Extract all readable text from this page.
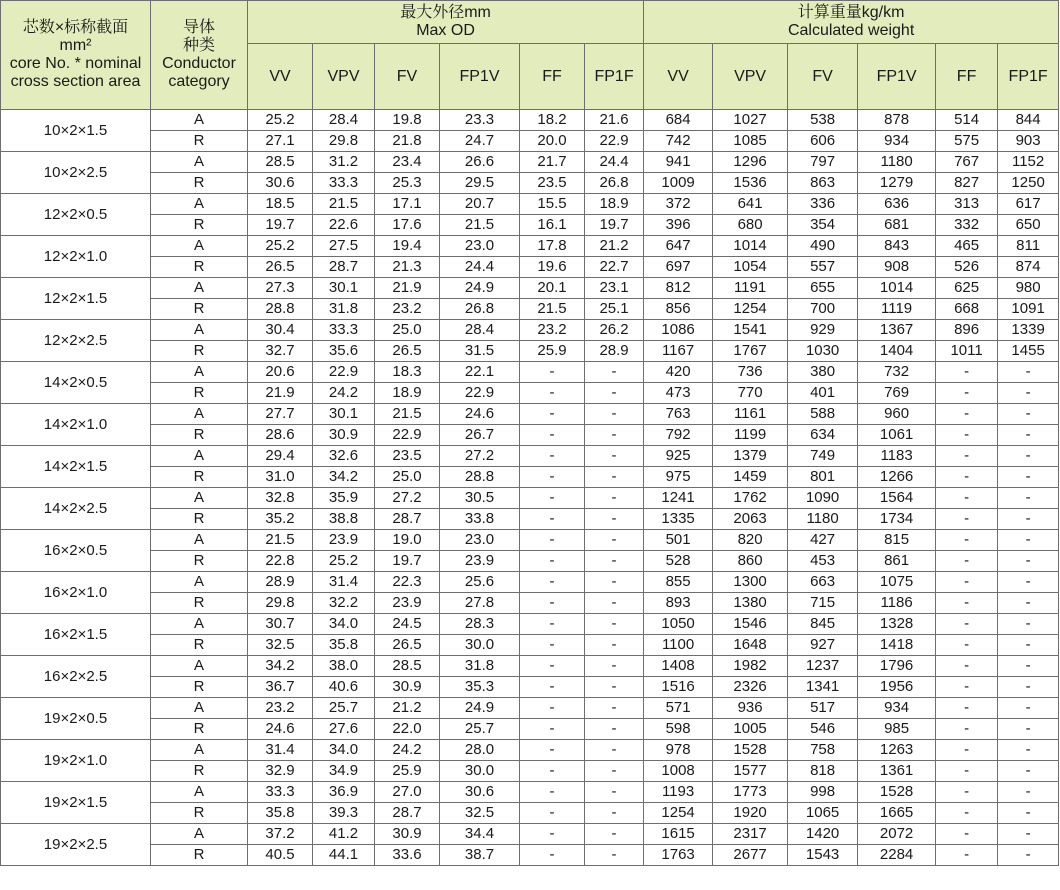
芯数×标称截面
mm²
core No. * nominal
cross section area	导体
种类
Conductor
category	最大外径mm
Max OD						计算重量kg/km
Calculated weight					

		VV	VPV	FV	FP1V	FF	FP1F	VV	VPV	FV	FP1V	FF	FP1F
10×2×1.5	A	25.2	28.4	19.8	23.3	18.2	21.6	684	1027	538	878	514	844
	R	27.1	29.8	21.8	24.7	20.0	22.9	742	1085	606	934	575	903
10×2×2.5	A	28.5	31.2	23.4	26.6	21.7	24.4	941	1296	797	1180	767	1152
	R	30.6	33.3	25.3	29.5	23.5	26.8	1009	1536	863	1279	827	1250
12×2×0.5	A	18.5	21.5	17.1	20.7	15.5	18.9	372	641	336	636	313	617
	R	19.7	22.6	17.6	21.5	16.1	19.7	396	680	354	681	332	650
12×2×1.0	A	25.2	27.5	19.4	23.0	17.8	21.2	647	1014	490	843	465	811
	R	26.5	28.7	21.3	24.4	19.6	22.7	697	1054	557	908	526	874
12×2×1.5	A	27.3	30.1	21.9	24.9	20.1	23.1	812	1191	655	1014	625	980
	R	28.8	31.8	23.2	26.8	21.5	25.1	856	1254	700	1119	668	1091
12×2×2.5	A	30.4	33.3	25.0	28.4	23.2	26.2	1086	1541	929	1367	896	1339
	R	32.7	35.6	26.5	31.5	25.9	28.9	1167	1767	1030	1404	1011	1455
14×2×0.5	A	20.6	22.9	18.3	22.1	-	-	420	736	380	732	-	-
	R	21.9	24.2	18.9	22.9	-	-	473	770	401	769	-	-
14×2×1.0	A	27.7	30.1	21.5	24.6	-	-	763	1161	588	960	-	-
	R	28.6	30.9	22.9	26.7	-	-	792	1199	634	1061	-	-
14×2×1.5	A	29.4	32.6	23.5	27.2	-	-	925	1379	749	1183	-	-
	R	31.0	34.2	25.0	28.8	-	-	975	1459	801	1266	-	-
14×2×2.5	A	32.8	35.9	27.2	30.5	-	-	1241	1762	1090	1564	-	-
	R	35.2	38.8	28.7	33.8	-	-	1335	2063	1180	1734	-	-
16×2×0.5	A	21.5	23.9	19.0	23.0	-	-	501	820	427	815	-	-
	R	22.8	25.2	19.7	23.9	-	-	528	860	453	861	-	-
16×2×1.0	A	28.9	31.4	22.3	25.6	-	-	855	1300	663	1075	-	-
	R	29.8	32.2	23.9	27.8	-	-	893	1380	715	1186	-	-
16×2×1.5	A	30.7	34.0	24.5	28.3	-	-	1050	1546	845	1328	-	-
	R	32.5	35.8	26.5	30.0	-	-	1100	1648	927	1418	-	-
16×2×2.5	A	34.2	38.0	28.5	31.8	-	-	1408	1982	1237	1796	-	-
	R	36.7	40.6	30.9	35.3	-	-	1516	2326	1341	1956	-	-
19×2×0.5	A	23.2	25.7	21.2	24.9	-	-	571	936	517	934	-	-
	R	24.6	27.6	22.0	25.7	-	-	598	1005	546	985	-	-
19×2×1.0	A	31.4	34.0	24.2	28.0	-	-	978	1528	758	1263	-	-
	R	32.9	34.9	25.9	30.0	-	-	1008	1577	818	1361	-	-
19×2×1.5	A	33.3	36.9	27.0	30.6	-	-	1193	1773	998	1528	-	-
	R	35.8	39.3	28.7	32.5	-	-	1254	1920	1065	1665	-	-
19×2×2.5	A	37.2	41.2	30.9	34.4	-	-	1615	2317	1420	2072	-	-
	R	40.5	44.1	33.6	38.7	-	-	1763	2677	1543	2284	-	-
